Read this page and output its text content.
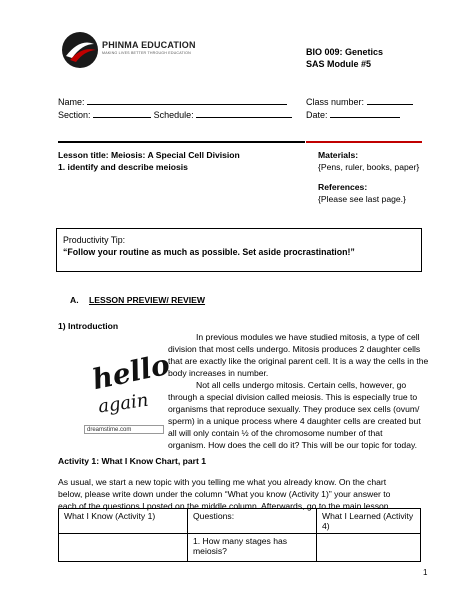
PHINMA EDUCATION
MAKING LIVES BETTER THROUGH EDUCATION	BIO 009: Genetics
SAS Module #5
Name:	Class number:
Section:	Schedule:	Date:
Lesson title: Meiosis: A Special Cell Division
1. identify and describe meiosis
Materials:
{Pens, ruler, books, paper}
References:
{Please see last page.}
Productivity Tip:
“Follow your routine as much as possible. Set aside procrastination!”
A. LESSON PREVIEW/ REVIEW
1) Introduction
hello
again
dreamstime.com
In previous modules we have studied mitosis, a type of cell
division that most cells undergo. Mitosis produces 2 daughter cells
that are exactly like the original parent cell. It is a way the cells in the
body increases in number.
Not all cells undergo mitosis. Certain cells, however, go
through a special division called meiosis. This is especially true to
organisms that reproduce sexually. They produce sex cells (ovum/
sperm) in a unique process where 4 daughter cells are created but
all will only contain ½ of the chromosome number of that
organism. How does the cell do it? This will be our topic for today.
Activity 1: What I Know Chart, part 1
As usual, we start a new topic with you telling me what you already know. On the chart
below, please write down under the column “What you know (Activity 1)” your answer to
each of the questions I posted on the middle column. Afterwards, go to the main lesson.
What I Know (Activity 1)	Questions:	What I Learned (Activity 4)
	1. How many stages has meiosis?	
1
